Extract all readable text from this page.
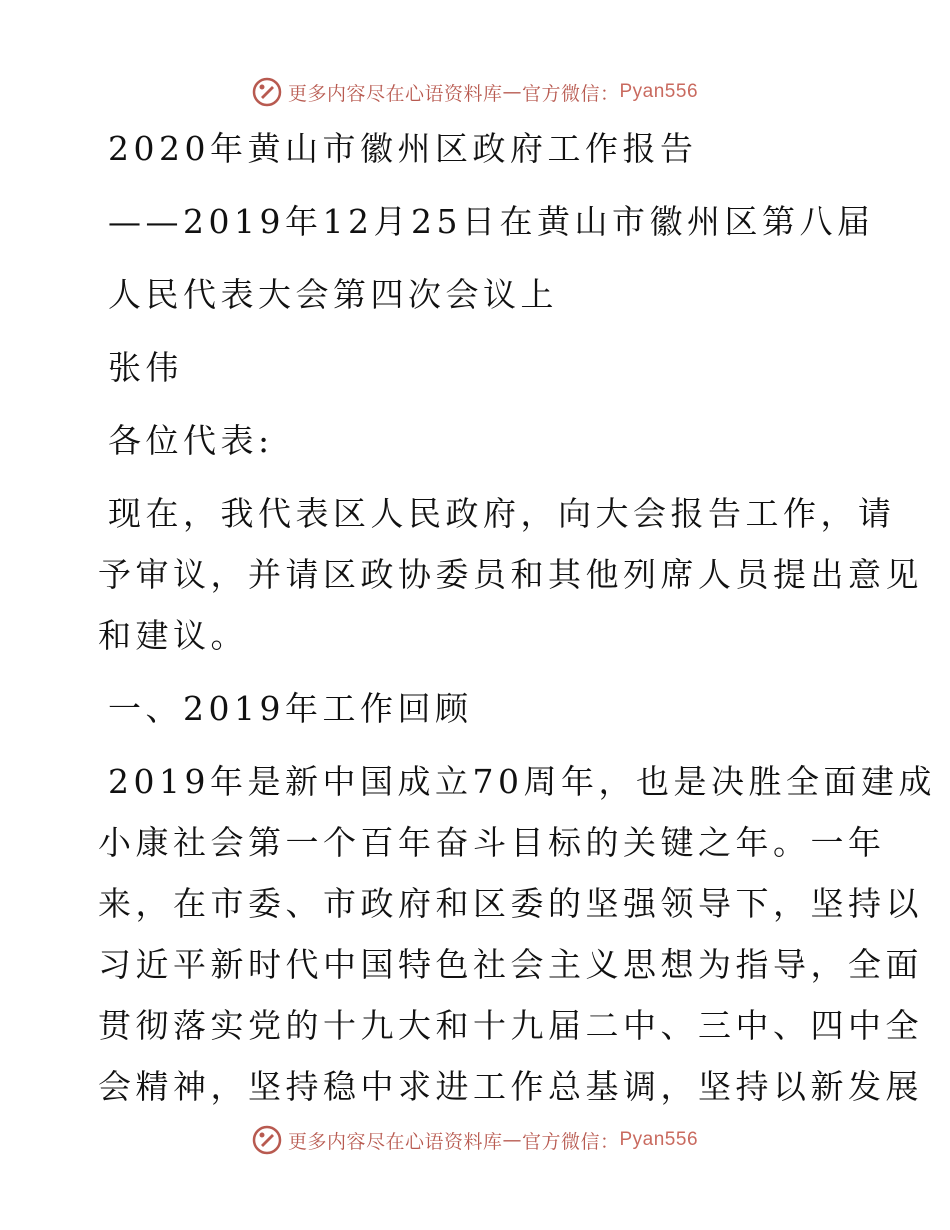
更多内容尽在心语资料库 — 官方微信： Pyan556
2020年黄山市徽州区政府工作报告
——2019年12月25日在黄山市徽州区第八届
人民代表大会第四次会议上
张伟
各位代表:
现在，我代表区人民政府，向大会报告工作，请
予审议，并请区政协委员和其他列席人员提出意见
和建议。
一、2019年工作回顾
2019年是新中国成立70周年，也是决胜全面建成
小康社会第一个百年奋斗目标的关键之年。一年
来，在市委、市政府和区委的坚强领导下，坚持以
习近平新时代中国特色社会主义思想为指导，全面
贯彻落实党的十九大和十九届二中、三中、四中全
会精神，坚持稳中求进工作总基调，坚持以新发展
更多内容尽在心语资料库 — 官方微信： Pyan556
